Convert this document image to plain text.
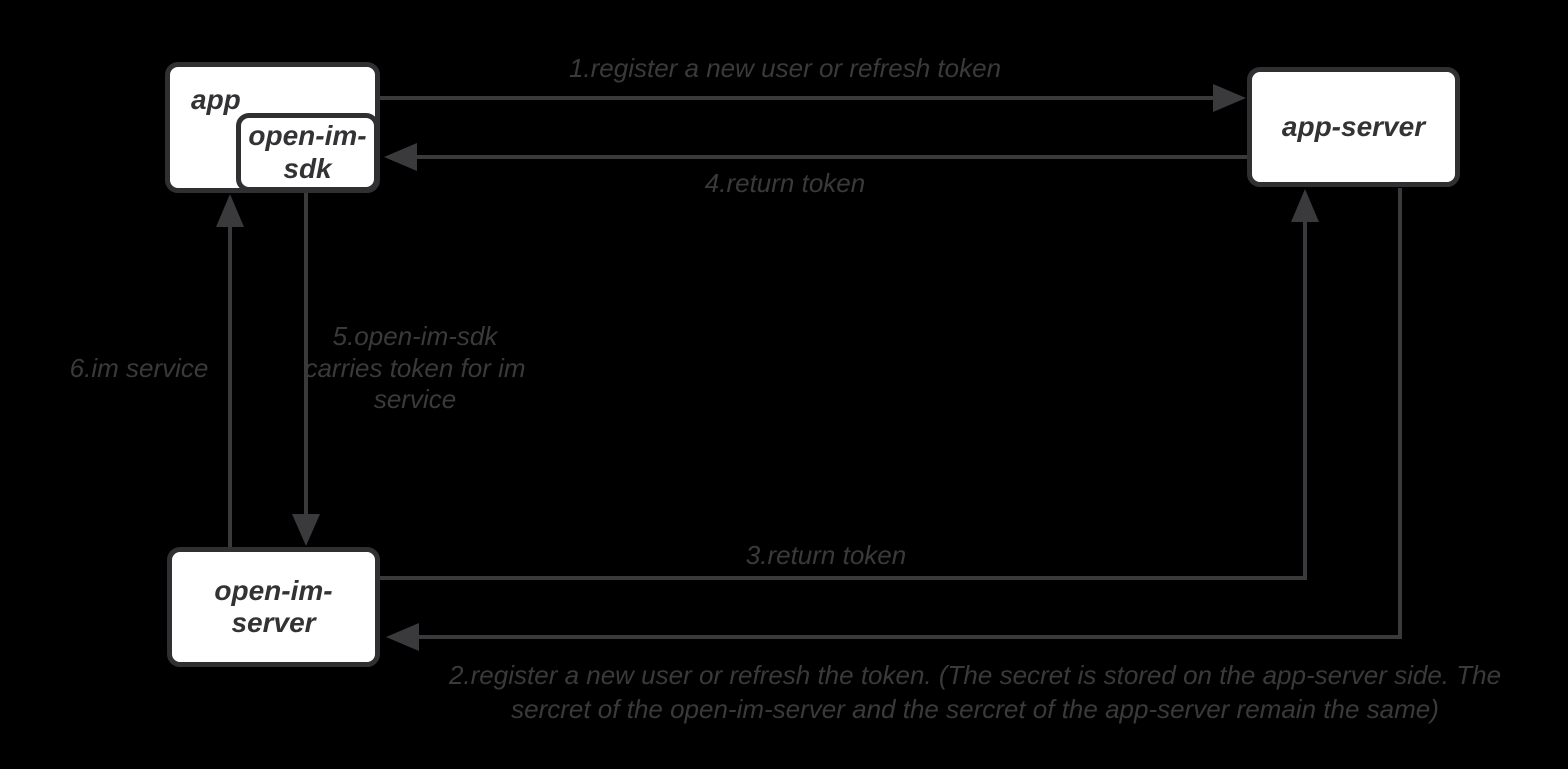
app
open-im-sdk
app-server
open-im-server
1.register a new user or refresh token
4.return token
5.open-im-sdk carries token for im service
6.im service
3.return token
2.register a new user or refresh the token. (The secret is stored on the app-server side. The sercret of the open-im-server and the sercret of the app-server remain the same)
